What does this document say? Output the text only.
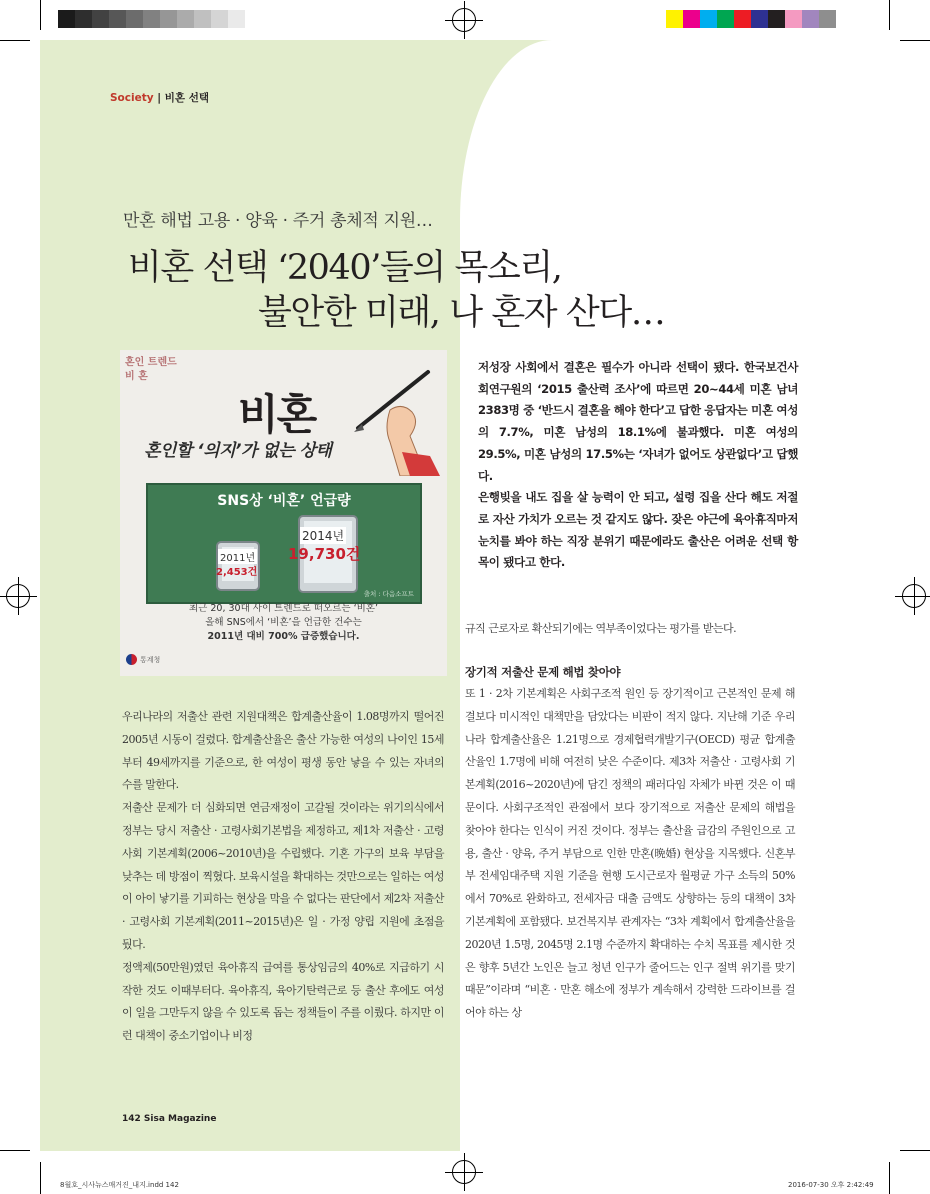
Society | 비혼 선택
만혼 해법 고용 · 양육 · 주거 총체적 지원…
비혼 선택 ‘2040’들의 목소리,
불안한 미래, 나 혼자 산다…
혼인 트렌드
비 혼
비혼
혼인할 ‘의지’가 없는 상태
SNS상 ‘비혼’ 언급량
2011년
2,453건
2014년
19,730건
출처 : 다음소프트
최근 20, 30대 사이 트렌드로 떠오르는 ‘비혼’
올해 SNS에서 ‘비혼’을 언급한 건수는
2011년 대비 700% 급증했습니다.
통계청

저성장 사회에서 결혼은 필수가 아니라 선택이 됐다. 한국보건사회연구원의 ‘2015 출산력 조사’에 따르면 20~44세 미혼 남녀 2383명 중 ‘반드시 결혼을 해야 한다’고 답한 응답자는 미혼 여성의 7.7%, 미혼 남성의 18.1%에 불과했다. 미혼 여성의 29.5%, 미혼 남성의 17.5%는 ‘자녀가 없어도 상관없다’고 답했다.

은행빚을 내도 집을 살 능력이 안 되고, 설령 집을 산다 해도 저절로 자산 가치가 오르는 것 같지도 않다. 잦은 야근에 육아휴직마저 눈치를 봐야 하는 직장 분위기 때문에라도 출산은 어려운 선택 항목이 됐다고 한다.

우리나라의 저출산 관련 지원대책은 합계출산율이 1.08명까지 떨어진 2005년 시동이 걸렸다. 합계출산율은 출산 가능한 여성의 나이인 15세부터 49세까지를 기준으로, 한 여성이 평생 동안 낳을 수 있는 자녀의 수를 말한다.

저출산 문제가 더 심화되면 연금재정이 고갈될 것이라는 위기의식에서 정부는 당시 저출산 · 고령사회기본법을 제정하고, 제1차 저출산 · 고령사회 기본계획(2006~2010년)을 수립했다. 기혼 가구의 보육 부담을 낮추는 데 방점이 찍혔다. 보육시설을 확대하는 것만으로는 일하는 여성이 아이 낳기를 기피하는 현상을 막을 수 없다는 판단에서 제2차 저출산 · 고령사회 기본계획(2011~2015년)은 일 · 가정 양립 지원에 초점을 뒀다.

정액제(50만원)였던 육아휴직 급여를 통상임금의 40%로 지급하기 시작한 것도 이때부터다. 육아휴직, 육아기탄력근로 등 출산 후에도 여성이 일을 그만두지 않을 수 있도록 돕는 정책들이 주를 이뤘다. 하지만 이런 대책이 중소기업이나 비정

규직 근로자로 확산되기에는 역부족이었다는 평가를 받는다.

장기적 저출산 문제 해법 찾아야

또 1 · 2차 기본계획은 사회구조적 원인 등 장기적이고 근본적인 문제 해결보다 미시적인 대책만을 담았다는 비판이 적지 않다. 지난해 기준 우리나라 합계출산율은 1.21명으로 경제협력개발기구(OECD) 평균 합계출산율인 1.7명에 비해 여전히 낮은 수준이다. 제3차 저출산 · 고령사회 기본계획(2016~2020년)에 담긴 정책의 패러다임 자체가 바뀐 것은 이 때문이다. 사회구조적인 관점에서 보다 장기적으로 저출산 문제의 해법을 찾아야 한다는 인식이 커진 것이다. 정부는 출산율 급감의 주원인으로 고용, 출산 · 양육, 주거 부담으로 인한 만혼(晩婚) 현상을 지목했다. 신혼부부 전세임대주택 지원 기준을 현행 도시근로자 월평균 가구 소득의 50%에서 70%로 완화하고, 전세자금 대출 금액도 상향하는 등의 대책이 3차 기본계획에 포함됐다. 보건복지부 관계자는 “3차 계획에서 합계출산율을 2020년 1.5명, 2045명 2.1명 수준까지 확대하는 수치 목표를 제시한 것은 향후 5년간 노인은 늘고 청년 인구가 줄어드는 인구 절벽 위기를 맞기 때문”이라며 “비혼 · 만혼 해소에 정부가 계속해서 강력한 드라이브를 걸어야 하는 상

142 Sisa Magazine
8월호_시사뉴스매거진_내지.indd 142	2016-07-30 오후 2:42:49
